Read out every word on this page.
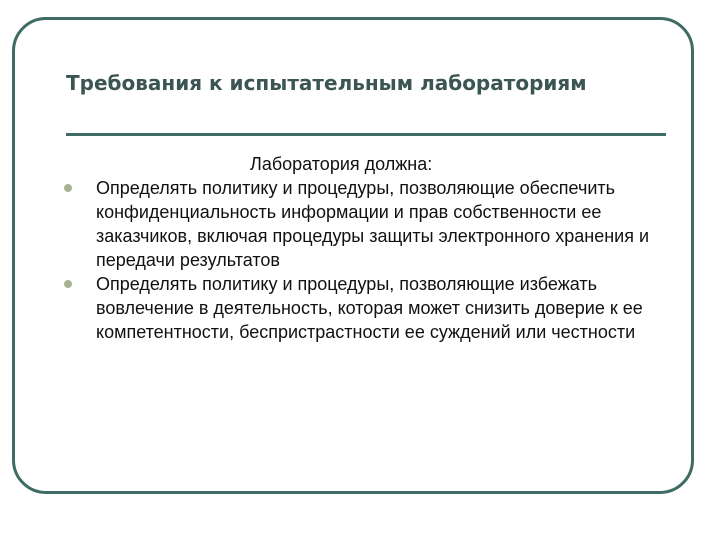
Требования к испытательным лабораториям

Лаборатория должна:

Определять политику и процедуры, позволяющие обеспечить конфиденциальность информации и прав собственности ее заказчиков, включая процедуры защиты электронного хранения и передачи результатов
Определять политику и процедуры, позволяющие избежать вовлечение в деятельность, которая может снизить доверие к ее компетентности, беспристрастности ее суждений или честности
